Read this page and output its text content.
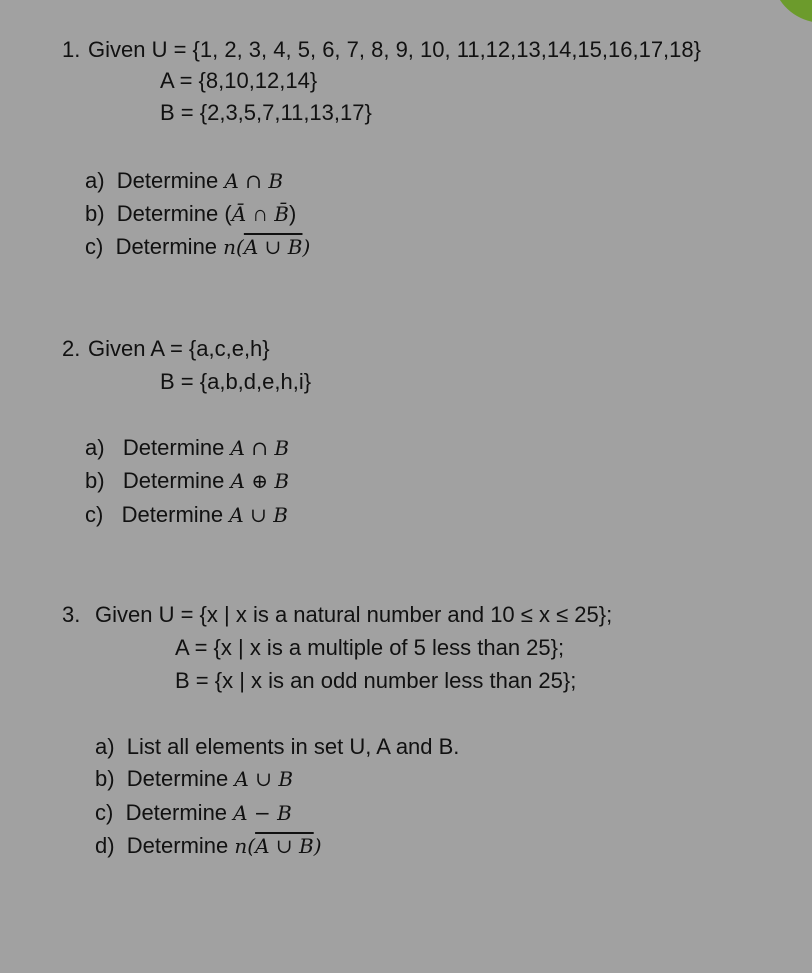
1. Given U = {1, 2, 3, 4, 5, 6, 7, 8, 9, 10, 11,12,13,14,15,16,17,18}
A = {8,10,12,14}
B = {2,3,5,7,11,13,17}
a) Determine A ∩ B
b) Determine (Ā ∩ B̄)
c) Determine n(A ∪ B)
2. Given A = {a,c,e,h}
B = {a,b,d,e,h,i}
a) Determine A ∩ B
b) Determine A ⊕ B
c) Determine A ∪ B
3. Given U = {x | x is a natural number and 10 ≤ x ≤ 25};
A = {x | x is a multiple of 5 less than 25};
B = {x | x is an odd number less than 25};
a) List all elements in set U, A and B.
b) Determine A ∪ B
c) Determine A − B
d) Determine n(A ∪ B)
